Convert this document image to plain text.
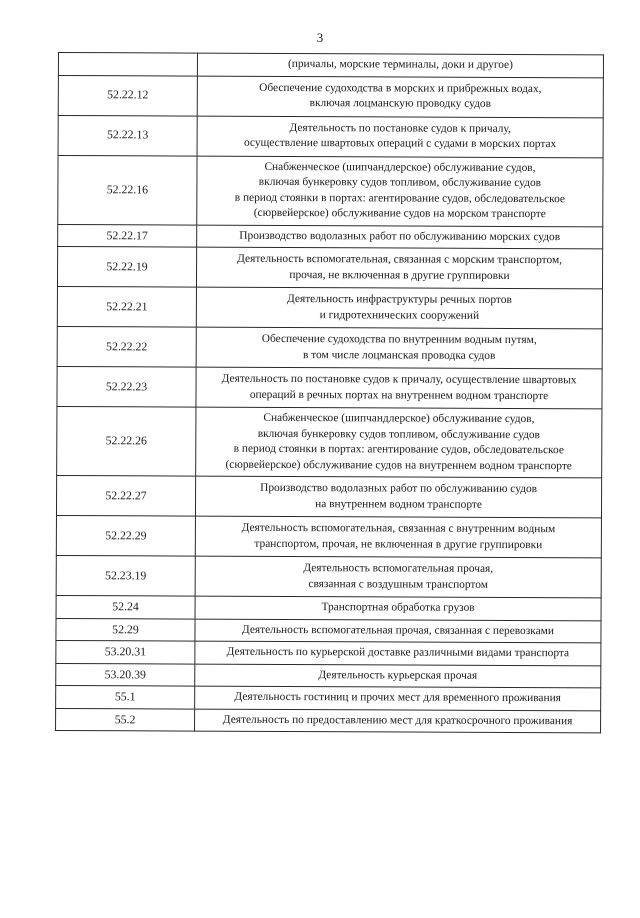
3
	(причалы, морские терминалы, доки и другое)
52.22.12	Обеспечение судоходства в морских и прибрежных водах,
включая лоцманскую проводку судов
52.22.13	Деятельность по постановке судов к причалу,
осуществление швартовых операций с судами в морских портах
52.22.16	Снабженческое (шипчандлерское) обслуживание судов,
включая бункеровку судов топливом, обслуживание судов
в период стоянки в портах: агентирование судов, обследовательское
(сюрвейерское) обслуживание судов на морском транспорте
52.22.17	Производство водолазных работ по обслуживанию морских судов
52.22.19	Деятельность вспомогательная, связанная с морским транспортом,
прочая, не включенная в другие группировки
52.22.21	Деятельность инфраструктуры речных портов
и гидротехнических сооружений
52.22.22	Обеспечение судоходства по внутренним водным путям,
в том числе лоцманская проводка судов
52.22.23	Деятельность по постановке судов к причалу, осуществление швартовых
операций в речных портах на внутреннем водном транспорте
52.22.26	Снабженческое (шипчандлерское) обслуживание судов,
включая бункеровку судов топливом, обслуживание судов
в период стоянки в портах: агентирование судов, обследовательское
(сюрвейерское) обслуживание судов на внутреннем водном транспорте
52.22.27	Производство водолазных работ по обслуживанию судов
на внутреннем водном транспорте
52.22.29	Деятельность вспомогательная, связанная с внутренним водным
транспортом, прочая, не включенная в другие группировки
52.23.19	Деятельность вспомогательная прочая,
связанная с воздушным транспортом
52.24	Транспортная обработка грузов
52.29	Деятельность вспомогательная прочая, связанная с перевозками
53.20.31	Деятельность по курьерской доставке различными видами транспорта
53.20.39	Деятельность курьерская прочая
55.1	Деятельность гостиниц и прочих мест для временного проживания
55.2	Деятельность по предоставлению мест для краткосрочного проживания
